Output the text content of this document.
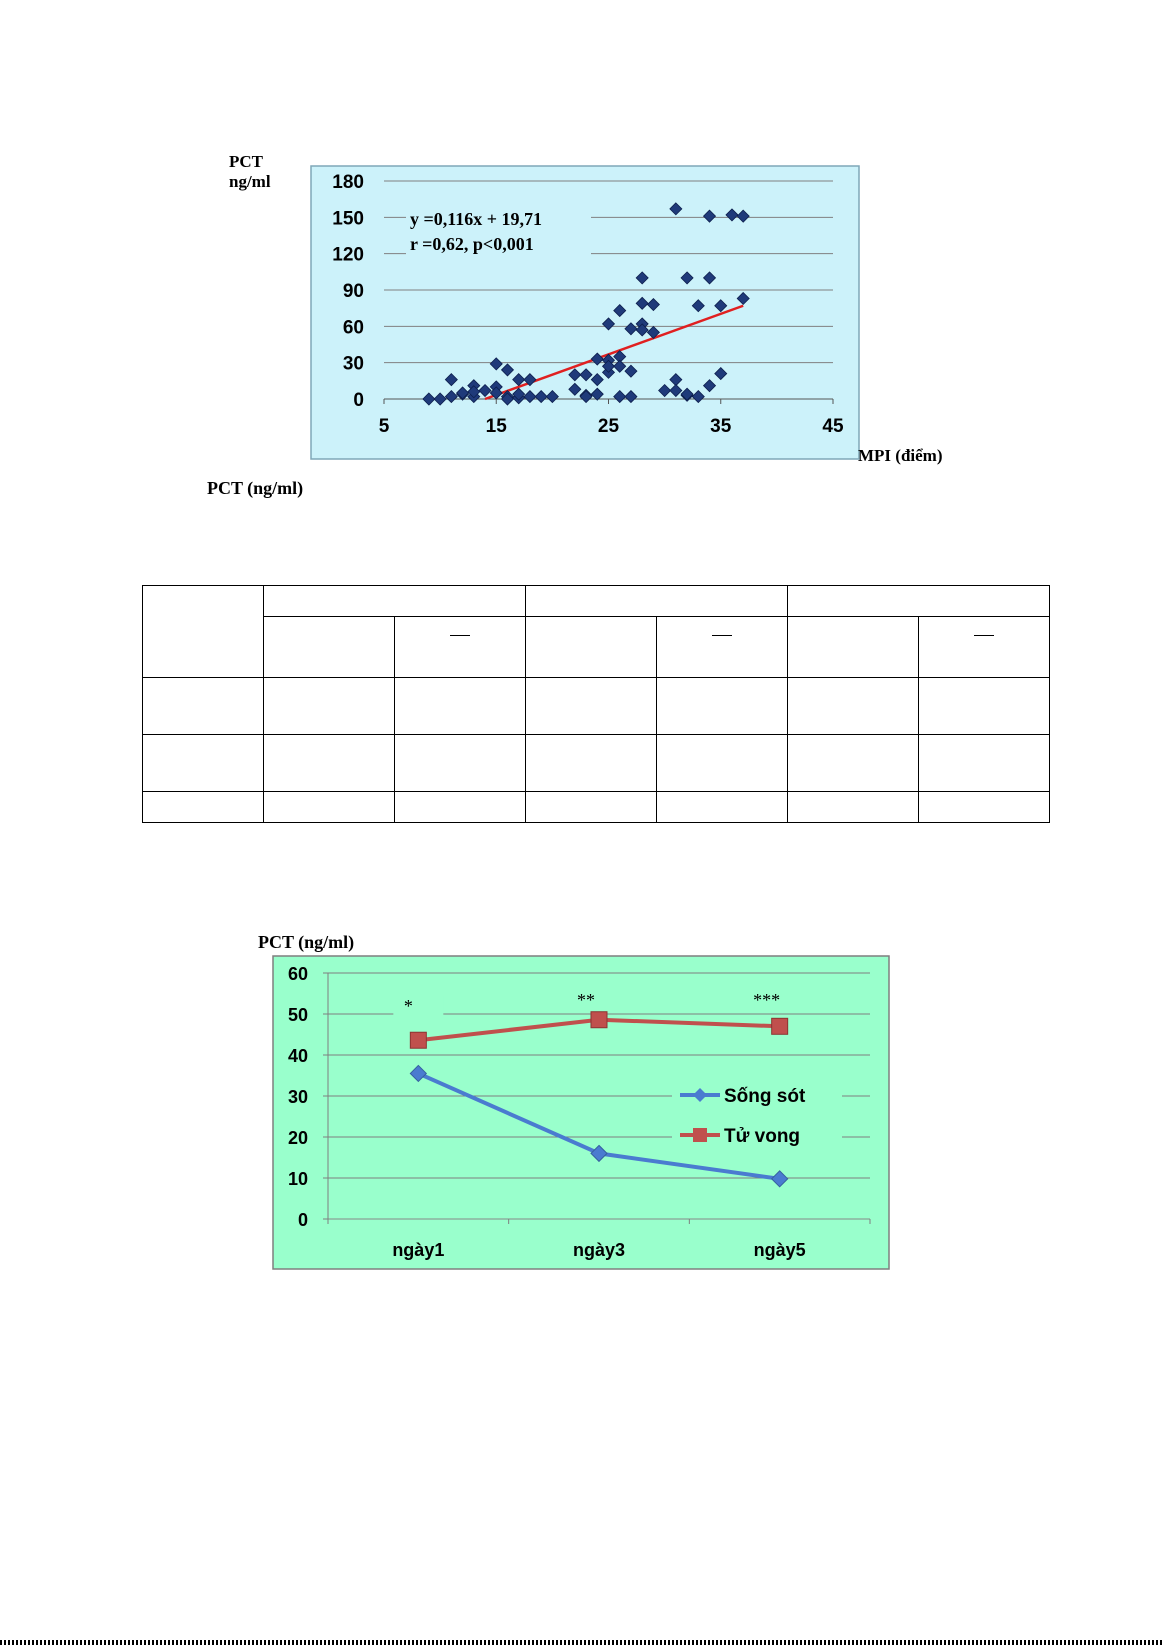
PCT
ng/ml
0
30
60
90
120
150
180
5	15	25	35	45
y =0,116x + 19,71
r =0,62, p<0,001
MPI (điểm)
PCT (ng/ml)

PCT (ng/ml)
0
10
20
30
40
50
60
ngày1	ngày3	ngày5
*	**	***
Sống sót
Tử vong
